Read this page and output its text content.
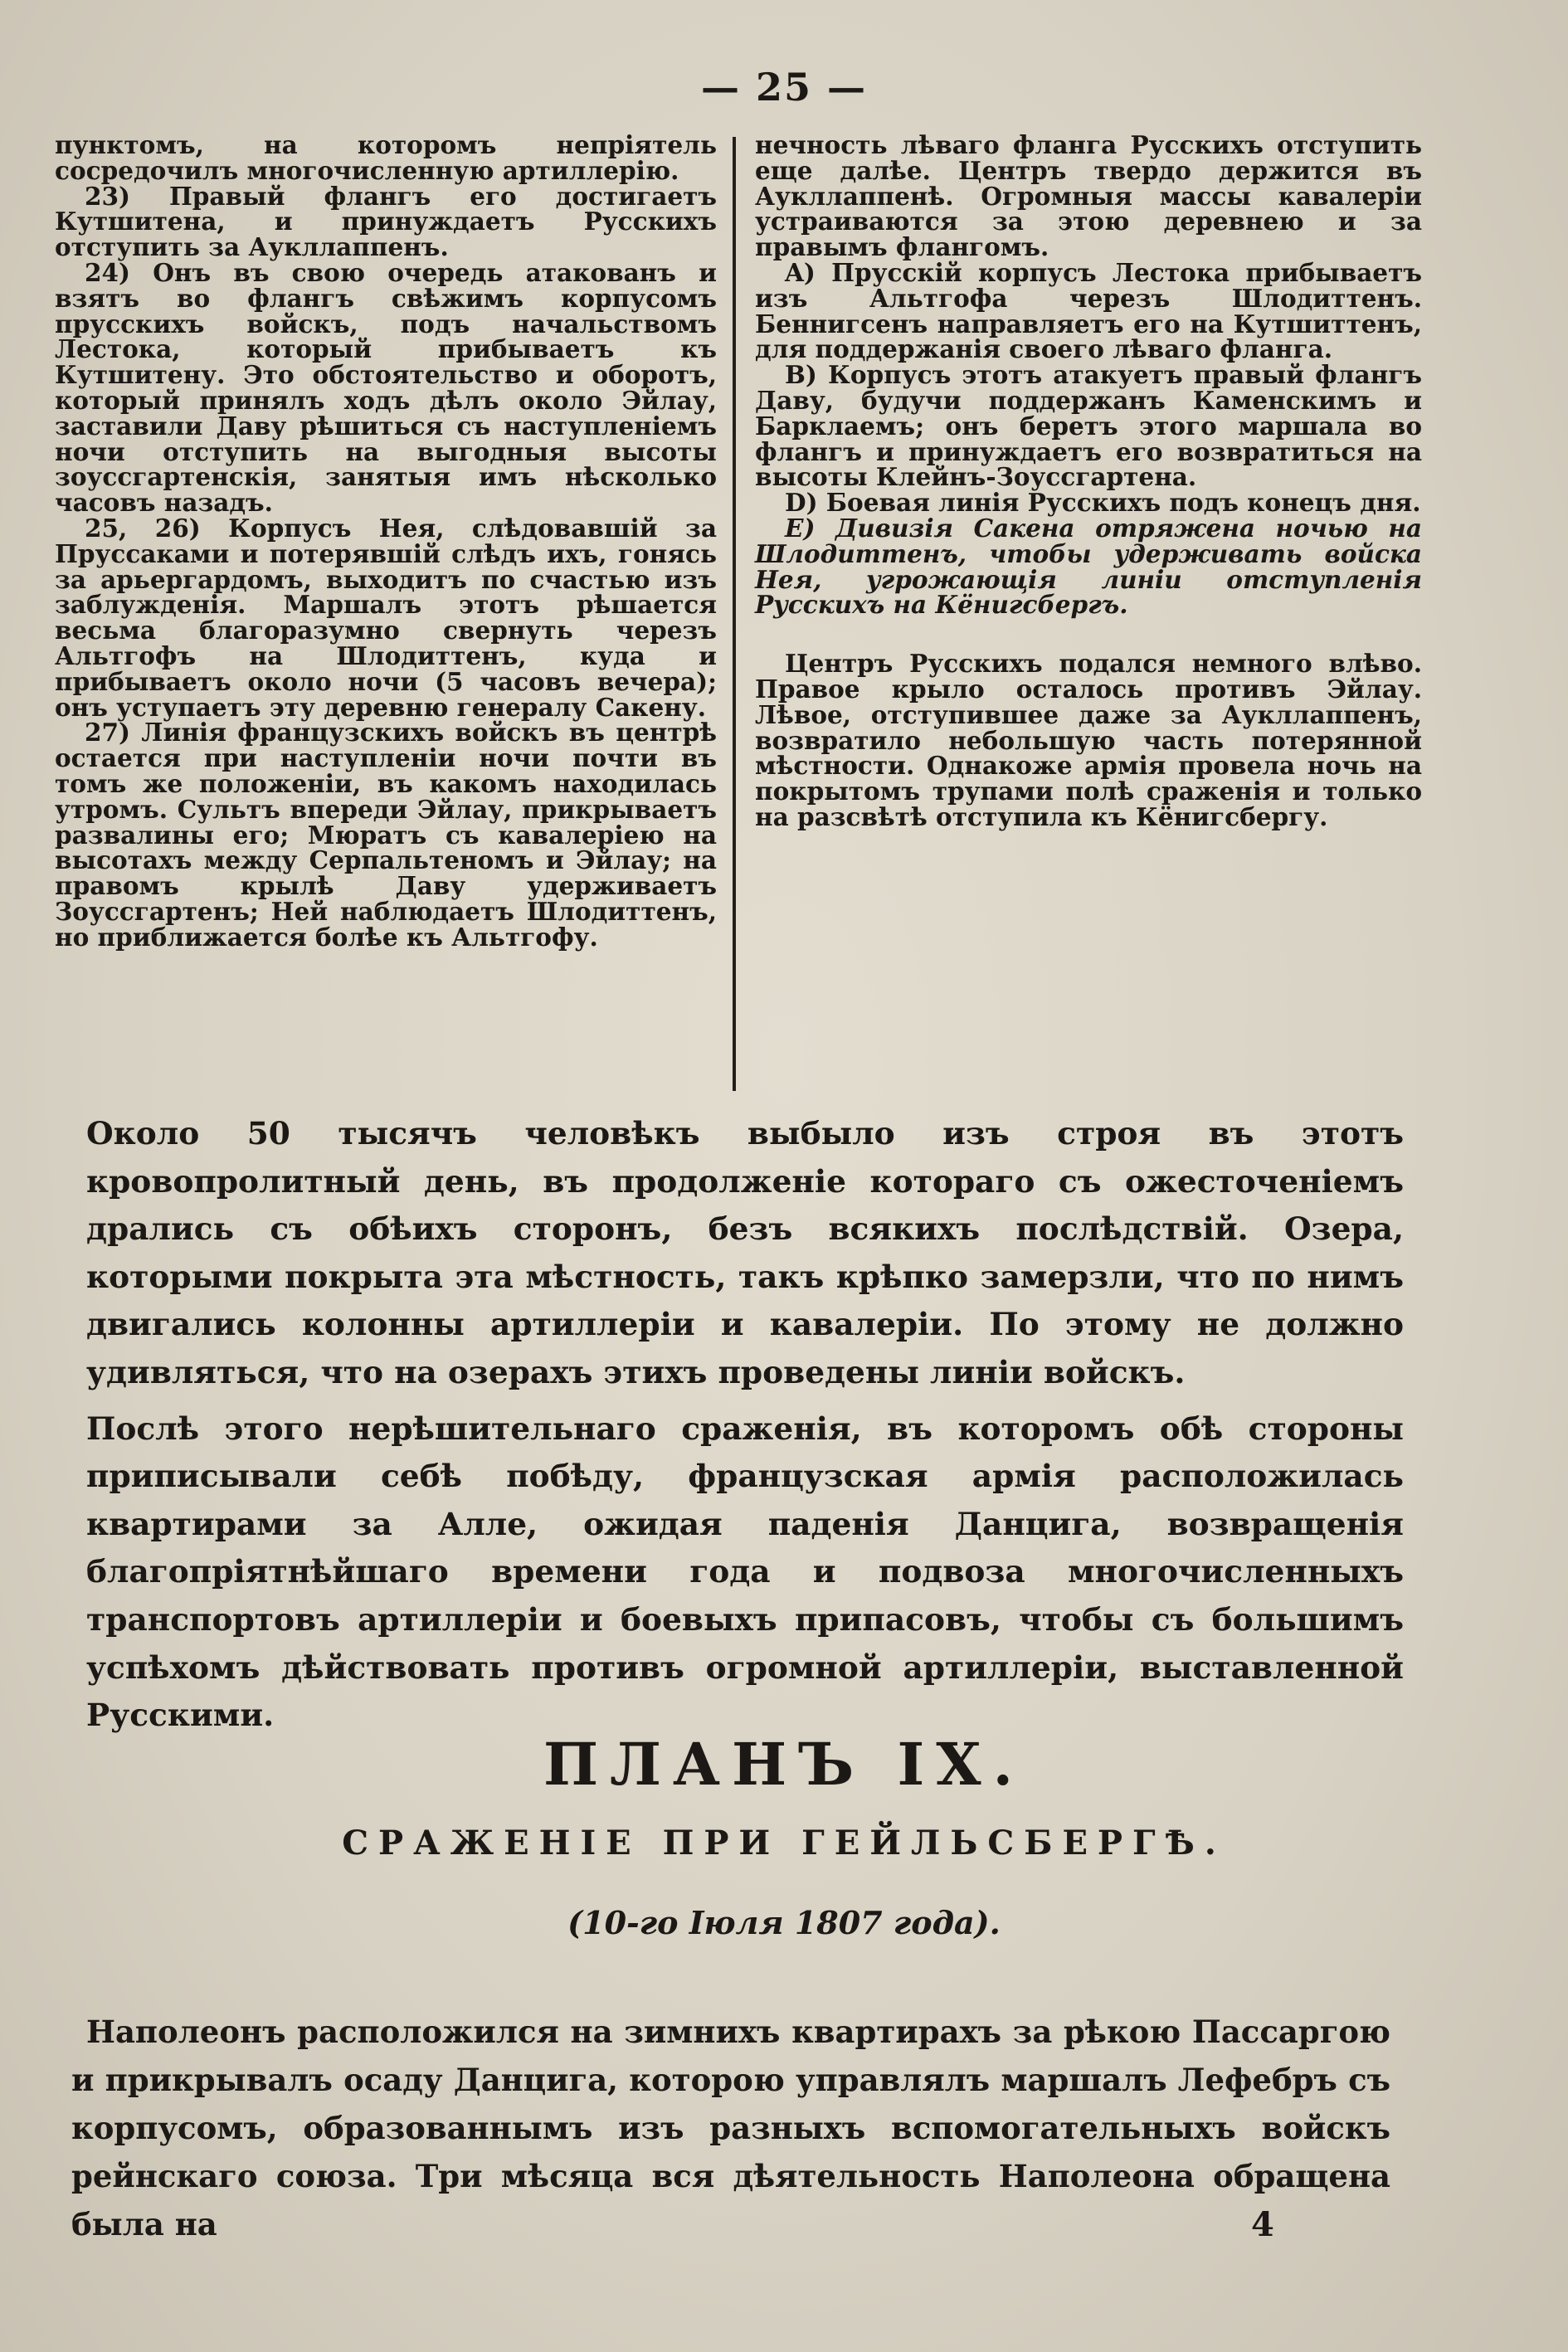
— 25 —

пунктомъ, на которомъ непріятель сосредочилъ многочисленную артиллерію.

23) Правый флангъ его достигаетъ Кутшитена, и принуждаетъ Русскихъ отступить за Аукллаппенъ.

24) Онъ въ свою очередь атакованъ и взятъ во флангъ свѣжимъ корпусомъ прусскихъ войскъ, подъ начальствомъ Лестока, который прибываетъ къ Кутшитену. Это обстоятельство и оборотъ, который принялъ ходъ дѣлъ около Эйлау, заставили Даву рѣшиться съ наступленіемъ ночи отступить на выгодныя высоты зоуссгартенскія, занятыя имъ нѣсколько часовъ назадъ.

25, 26) Корпусъ Нея, слѣдовавшій за Пруссаками и потерявшій слѣдъ ихъ, гонясь за арьергардомъ, выходитъ по счастью изъ заблужденія. Маршалъ этотъ рѣшается весьма благоразумно свернуть черезъ Альтгофъ на Шлодиттенъ, куда и прибываетъ около ночи (5 часовъ вечера); онъ уступаетъ эту деревню генералу Сакену.

27) Линія французскихъ войскъ въ центрѣ остается при наступленіи ночи почти въ томъ же положеніи, въ какомъ находилась утромъ. Сультъ впереди Эйлау, прикрываетъ развалины его; Мюратъ съ кавалеріею на высотахъ между Серпальтеномъ и Эйлау; на правомъ крылѣ Даву удерживаетъ Зоуссгартенъ; Ней наблюдаетъ Шлодиттенъ, но приближается болѣе къ Альтгофу.

нечность лѣваго фланга Русскихъ отступить еще далѣе. Центръ твердо держится въ Аукллаппенѣ. Огромныя массы кавалеріи устраиваются за этою деревнею и за правымъ флангомъ.

A) Прусскій корпусъ Лестока прибываетъ изъ Альтгофа черезъ Шлодиттенъ. Беннигсенъ направляетъ его на Кутшиттенъ, для поддержанія своего лѣваго фланга.

B) Корпусъ этотъ атакуетъ правый флангъ Даву, будучи поддержанъ Каменскимъ и Барклаемъ; онъ беретъ этого маршала во флангъ и принуждаетъ его возвратиться на высоты Клейнъ-Зоуссгартена.

D) Боевая линія Русскихъ подъ конецъ дня.

E) Дивизія Сакена отряжена ночью на Шлодиттенъ, чтобы удерживать войска Нея, угрожающія линіи отступленія Русскихъ на Кёнигсбергъ.

Центръ Русскихъ подался немного влѣво. Правое крыло осталось противъ Эйлау. Лѣвое, отступившее даже за Аукллаппенъ, возвратило небольшую часть потерянной мѣстности. Однакоже армія провела ночь на покрытомъ трупами полѣ сраженія и только на разсвѣтѣ отступила къ Кёнигсбергу.

Около 50 тысячъ человѣкъ выбыло изъ строя въ этотъ кровопролитный день, въ продолженіе котораго съ ожесточеніемъ дрались съ обѣихъ сторонъ, безъ всякихъ послѣдствій. Озера, которыми покрыта эта мѣстность, такъ крѣпко замерзли, что по нимъ двигались колонны артиллеріи и кавалеріи. По этому не должно удивляться, что на озерахъ этихъ проведены линіи войскъ.

Послѣ этого нерѣшительнаго сраженія, въ которомъ обѣ стороны приписывали себѣ побѣду, французская армія расположилась квартирами за Алле, ожидая паденія Данцига, возвращенія благопріятнѣйшаго времени года и подвоза многочисленныхъ транспортовъ артиллеріи и боевыхъ припасовъ, чтобы съ большимъ успѣхомъ дѣйствовать противъ огромной артиллеріи, выставленной Русскими.

ПЛАНЪ IX.
СРАЖЕНІЕ ПРИ ГЕЙЛЬСБЕРГѢ.
(10-го Іюля 1807 года).

Наполеонъ расположился на зимнихъ квартирахъ за рѣкою Пассаргою и прикрывалъ осаду Данцига, которою управлялъ маршалъ Лефебръ съ корпусомъ, образованнымъ изъ разныхъ вспомогательныхъ войскъ рейнскаго союза. Три мѣсяца вся дѣятельность Наполеона обращена была на	4
